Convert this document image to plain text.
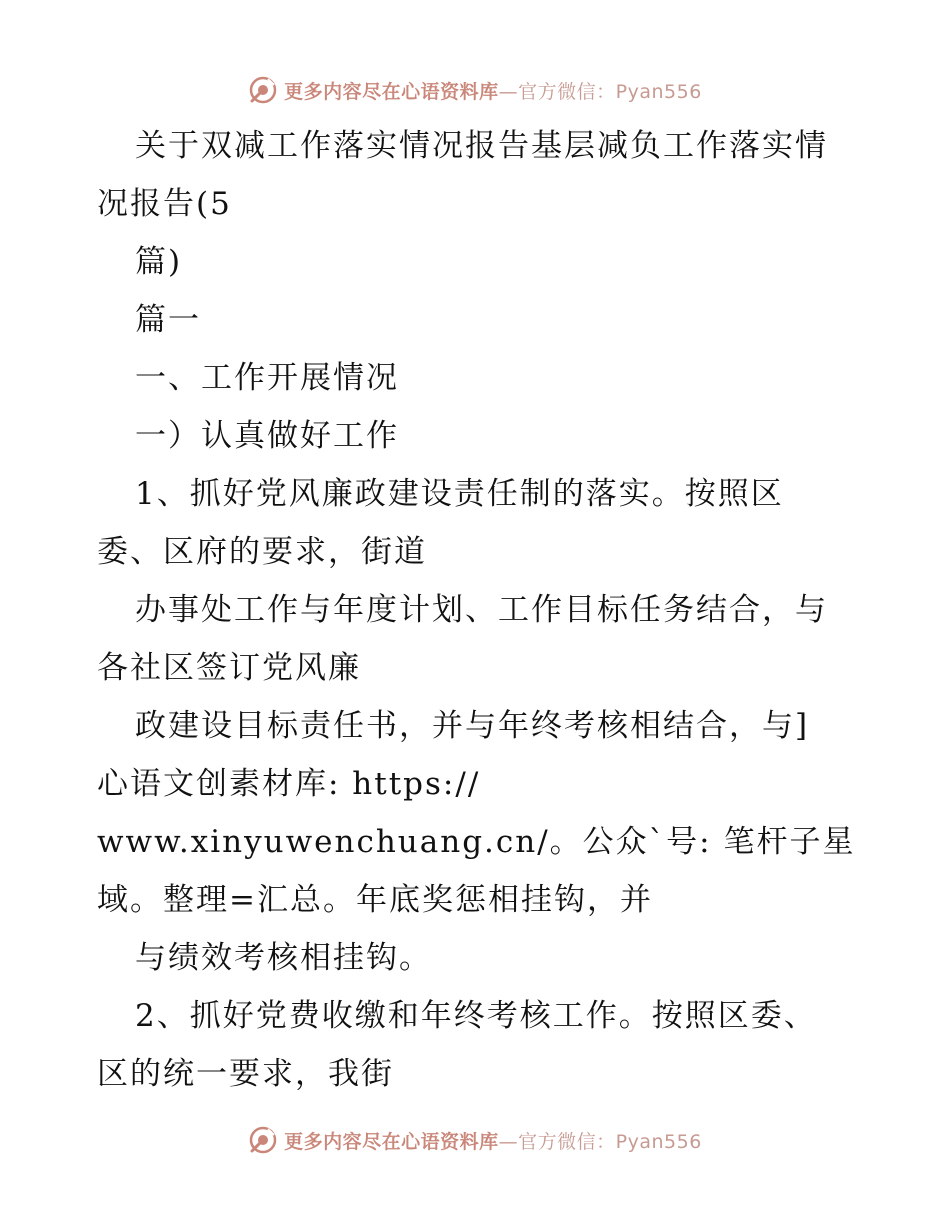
更多内容尽在心语资料库—官方微信：Pyan556
关于双减工作落实情况报告基层减负工作落实情
况报告(5
篇)
篇一
一、工作开展情况
一）认真做好工作
1、抓好党风廉政建设责任制的落实。按照区
委、区府的要求，街道
办事处工作与年度计划、工作目标任务结合，与
各社区签订党风廉
政建设目标责任书，并与年终考核相结合，与]
心语文创素材库: https://
www.xinyuwenchuang.cn/。公众`号: 笔杆子星
域。整理=汇总。年底奖惩相挂钩，并
与绩效考核相挂钩。
2、抓好党费收缴和年终考核工作。按照区委、
区的统一要求，我街
更多内容尽在心语资料库—官方微信：Pyan556
